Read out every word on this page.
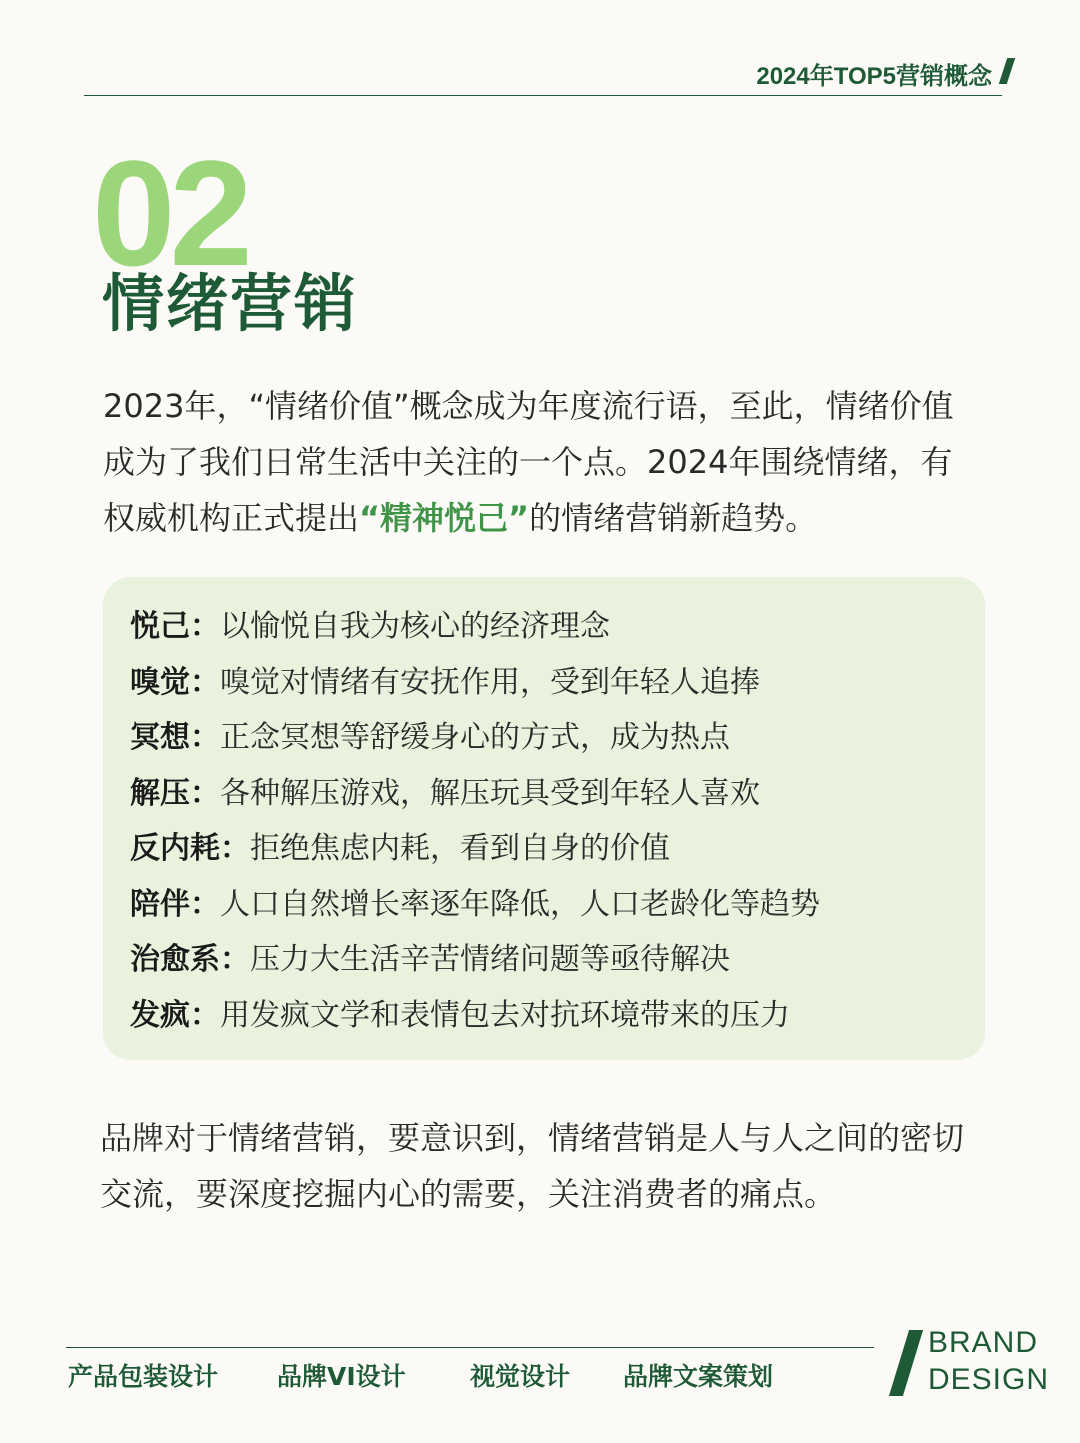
2024年TOP5营销概念
02
情绪营销

2023年，“情绪价值”概念成为年度流行语，至此，情绪价值成为了我们日常生活中关注的一个点。2024年围绕情绪，有权威机构正式提出“精神悦己”的情绪营销新趋势。

悦己：以愉悦自我为核心的经济理念
嗅觉：嗅觉对情绪有安抚作用，受到年轻人追捧
冥想：正念冥想等舒缓身心的方式，成为热点
解压：各种解压游戏，解压玩具受到年轻人喜欢
反内耗：拒绝焦虑内耗，看到自身的价值
陪伴：人口自然增长率逐年降低，人口老龄化等趋势
治愈系：压力大生活辛苦情绪问题等亟待解决
发疯：用发疯文学和表情包去对抗环境带来的压力

品牌对于情绪营销，要意识到，情绪营销是人与人之间的密切交流，要深度挖掘内心的需要，关注消费者的痛点。

产品包装设计 品牌VI设计	视觉设计 品牌文案策划
BRAND
DESIGN
